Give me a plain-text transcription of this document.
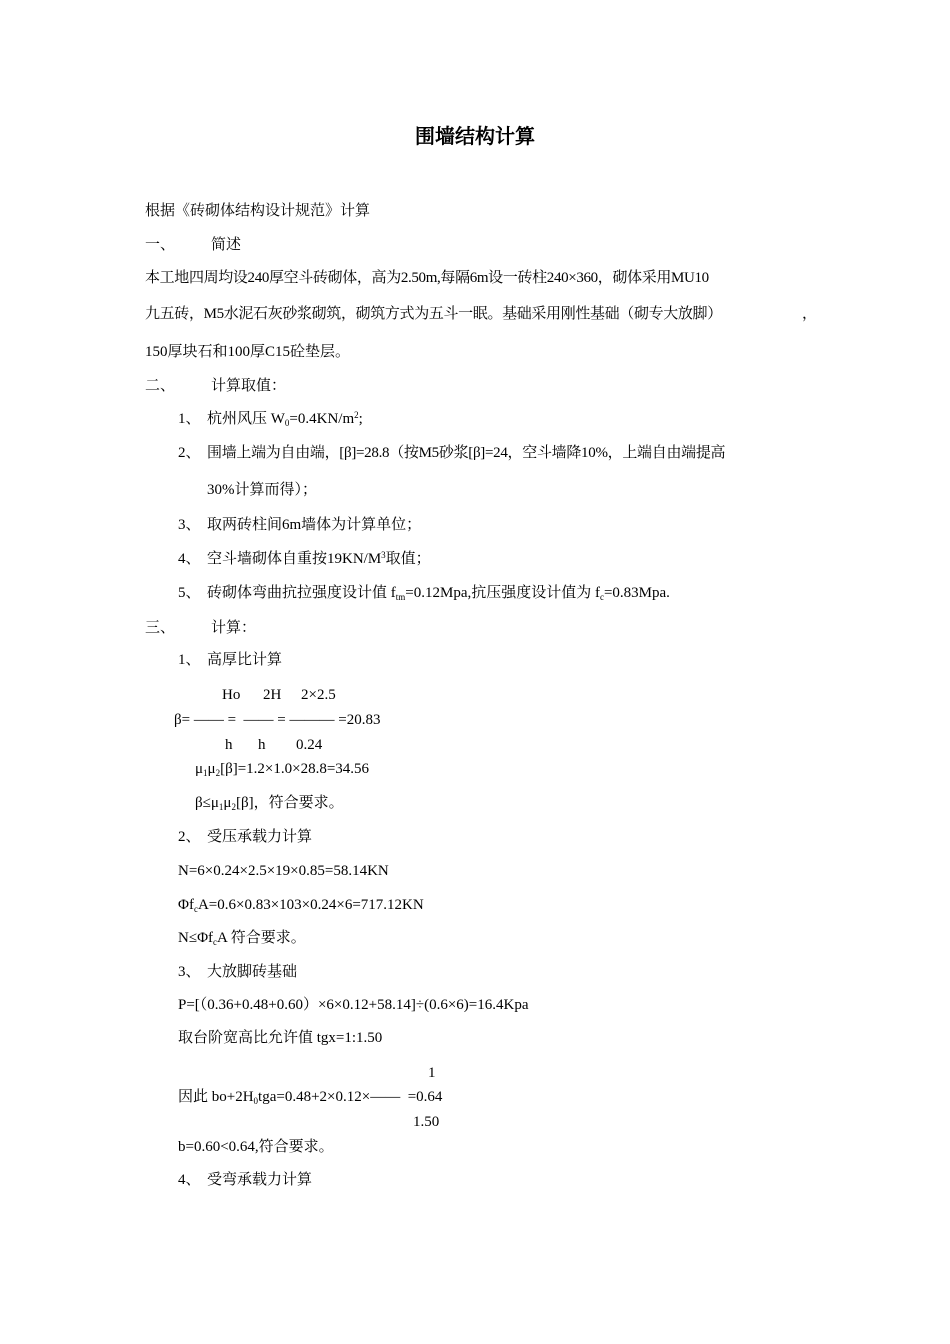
围墙结构计算
根据《砖砌体结构设计规范》计算
一、 简述
本工地四周均设240厚空斗砖砌体，高为2.50m,每隔6m设一砖柱240×360，砌体采用MU10
九五砖，M5水泥石灰砂浆砌筑，砌筑方式为五斗一眠。基础采用刚性基础（砌专大放脚）	，
150厚块石和100厚C15砼垫层。
二、 计算取值：
1、 杭州风压 $W_0=0.4KN/m^2$;
2、 围墙上端为自由端，[β]=28.8（按M5砂浆[β]=24，空斗墙降10%，上端自由端提高
30%计算而得）；
3、 取两砖柱间6m墙体为计算单位；
4、 空斗墙砌体自重按$19KN/M^3$取值；
5、 砖砌体弯曲抗拉强度设计值 $f_{tm}=0.12Mpa$,抗压强度设计值为 $f_c=0.83Mpa$.
三、 计算：
1、 高厚比计算
Ho 2H 2×2.5
β= —— =  —— = ——— =20.83
h h 0.24
$\mu_1\mu_2[\beta]=1.2\times 1.0\times 28.8=34.56$
$\beta\le\mu_1\mu_2[\beta]$，符合要求。
2、 受压承载力计算
N=6×0.24×2.5×19×0.85=58.14KN
$\Phi f_cA=0.6\times 0.83\times 103\times 0.24\times 6=717.12KN$
$N\le\Phi f_cA$ 符合要求。
3、 大放脚砖基础
P=[（0.36+0.48+0.60）×6×0.12+58.14]÷(0.6×6)=16.4Kpa
取台阶宽高比允许值 tgx=1:1.50
1
因此 $bo+2H_0tga=0.48+2\times 0.12\times—— =0.64$
1.50
b=0.60<0.64,符合要求。
4、 受弯承载力计算
